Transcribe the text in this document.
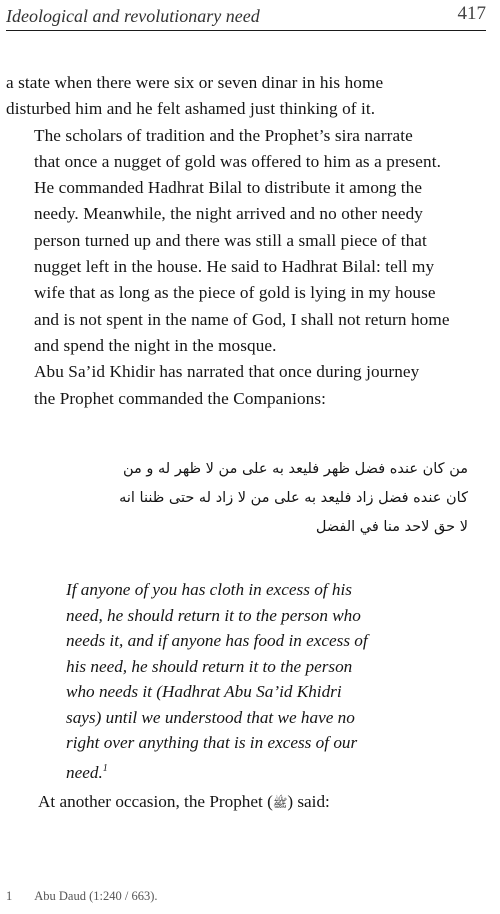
Ideological and revolutionary need	417

a state when there were six or seven dinar in his home
disturbed him and he felt ashamed just thinking of it.

The scholars of tradition and the Prophet’s sira narrate
that once a nugget of gold was offered to him as a present.
He commanded Hadhrat Bilal to distribute it among the
needy. Meanwhile, the night arrived and no other needy
person turned up and there was still a small piece of that
nugget left in the house. He said to Hadhrat Bilal: tell my
wife that as long as the piece of gold is lying in my house
and is not spent in the name of God, I shall not return home
and spend the night in the mosque.

Abu Sa’id Khidir has narrated that once during journey
the Prophet commanded the Companions:

من كان عنده فضل ظهر فليعد به على من لا ظهر له و من
كان عنده فضل زاد فليعد به على من لا زاد له حتى ظننا انه
لا حق لاحد منا في الفضل
If anyone of you has cloth in excess of his
need, he should return it to the person who
needs it, and if anyone has food in excess of
his need, he should return it to the person
who needs it (Hadhrat Abu Sa’id Khidri
says) until we understood that we have no
right over anything that is in excess of our
need.$^1$
At another occasion, the Prophet (ﷺ) said:
1 Abu Daud (1:240 / 663).
